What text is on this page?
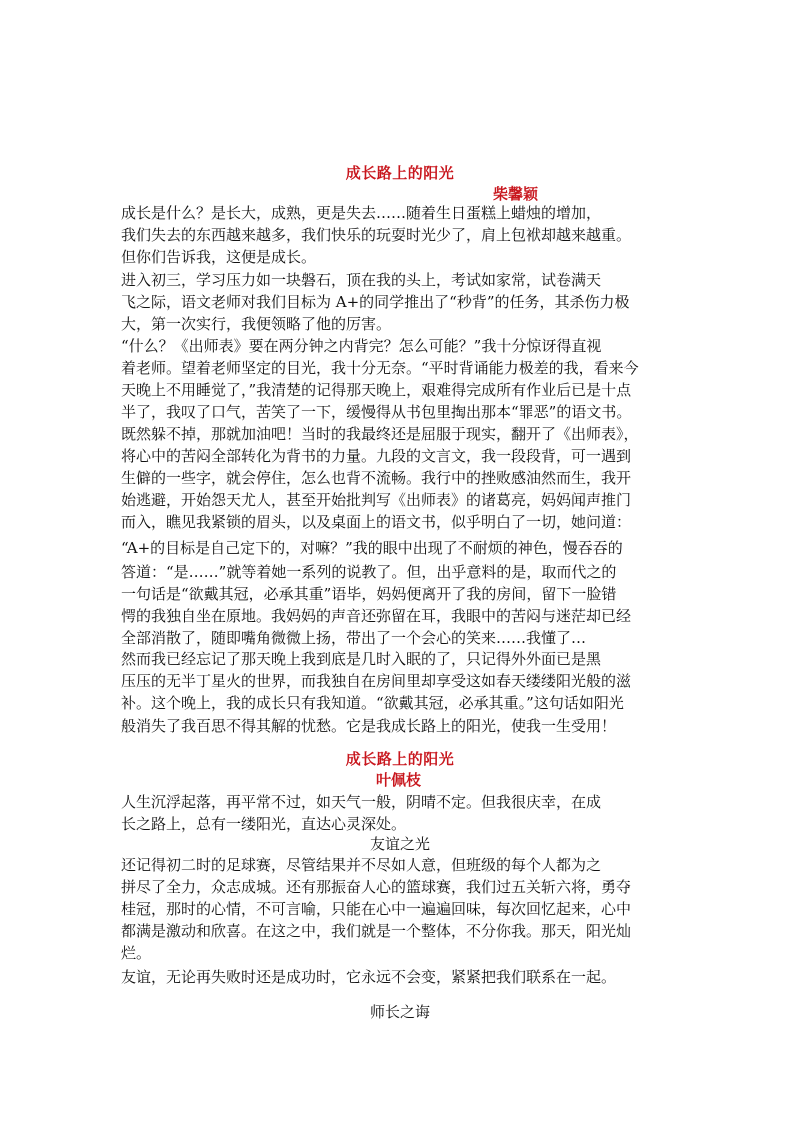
成长路上的阳光
柴馨颖
成长是什么？是长大，成熟，更是失去……随着生日蛋糕上蜡烛的增加，
我们失去的东西越来越多，我们快乐的玩耍时光少了，肩上包袱却越来越重。
但你们告诉我，这便是成长。
进入初三，学习压力如一块磐石，顶在我的头上，考试如家常，试卷满天
飞之际，语文老师对我们目标为 A+的同学推出了“秒背”的任务，其杀伤力极
大，第一次实行，我便领略了他的厉害。
“什么？《出师表》要在两分钟之内背完？怎么可能？”我十分惊讶得直视
着老师。望着老师坚定的目光，我十分无奈。“平时背诵能力极差的我，看来今
天晚上不用睡觉了，”我清楚的记得那天晚上，艰难得完成所有作业后已是十点
半了，我叹了口气，苦笑了一下，缓慢得从书包里掏出那本“罪恶”的语文书。
既然躲不掉，那就加油吧！当时的我最终还是屈服于现实，翻开了《出师表》，
将心中的苦闷全部转化为背书的力量。九段的文言文，我一段段背，可一遇到
生僻的一些字，就会停住，怎么也背不流畅。我行中的挫败感油然而生，我开
始逃避，开始怨天尤人，甚至开始批判写《出师表》的诸葛亮，妈妈闻声推门
而入，瞧见我紧锁的眉头，以及桌面上的语文书，似乎明白了一切，她问道：
“A+的目标是自己定下的，对嘛？”我的眼中出现了不耐烦的神色，慢吞吞的
答道：“是……”就等着她一系列的说教了。但，出乎意料的是，取而代之的
一句话是“欲戴其冠，必承其重”语毕，妈妈便离开了我的房间，留下一脸错
愕的我独自坐在原地。我妈妈的声音还弥留在耳，我眼中的苦闷与迷茫却已经
全部消散了，随即嘴角微微上扬，带出了一个会心的笑来……我懂了…
然而我已经忘记了那天晚上我到底是几时入眠的了，只记得外外面已是黑
压压的无半丁星火的世界，而我独自在房间里却享受这如春天缕缕阳光般的滋
补。这个晚上，我的成长只有我知道。“欲戴其冠，必承其重。”这句话如阳光
般消失了我百思不得其解的忧愁。它是我成长路上的阳光，使我一生受用！
成长路上的阳光
叶佩枝
人生沉浮起落，再平常不过，如天气一般，阴晴不定。但我很庆幸，在成
长之路上，总有一缕阳光，直达心灵深处。
友谊之光
还记得初二时的足球赛，尽管结果并不尽如人意，但班级的每个人都为之
拼尽了全力，众志成城。还有那振奋人心的篮球赛，我们过五关斩六将，勇夺
桂冠，那时的心情，不可言喻，只能在心中一遍遍回味，每次回忆起来，心中
都满是激动和欣喜。在这之中，我们就是一个整体，不分你我。那天，阳光灿
烂。
友谊，无论再失败时还是成功时，它永远不会变，紧紧把我们联系在一起。
师长之诲
